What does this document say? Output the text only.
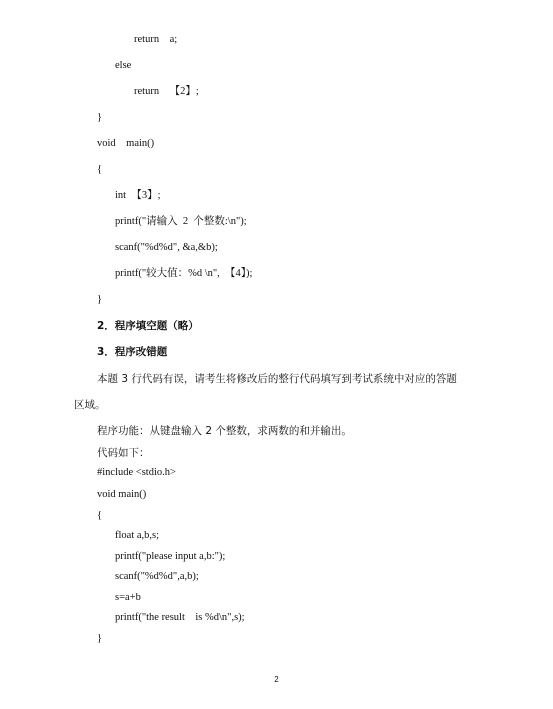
return    a;
else
return    【2】;
}
void    main()
{
int  【3】;
printf("请输入  2  个整数:\n");
scanf("%d%d", &a,&b);
printf("较大值：%d \n",  【4】);
}
2．程序填空题（略）
3．程序改错题
本题 3 行代码有误，请考生将修改后的整行代码填写到考试系统中对应的答题
区域。
程序功能：从键盘输入 2 个整数，求两数的和并输出。
代码如下：
#include <stdio.h>
void main()
{
float a,b,s;
printf("please input a,b:");
scanf("%d%d",a,b);
s=a+b
printf("the result    is %d\n",s);
}
2
